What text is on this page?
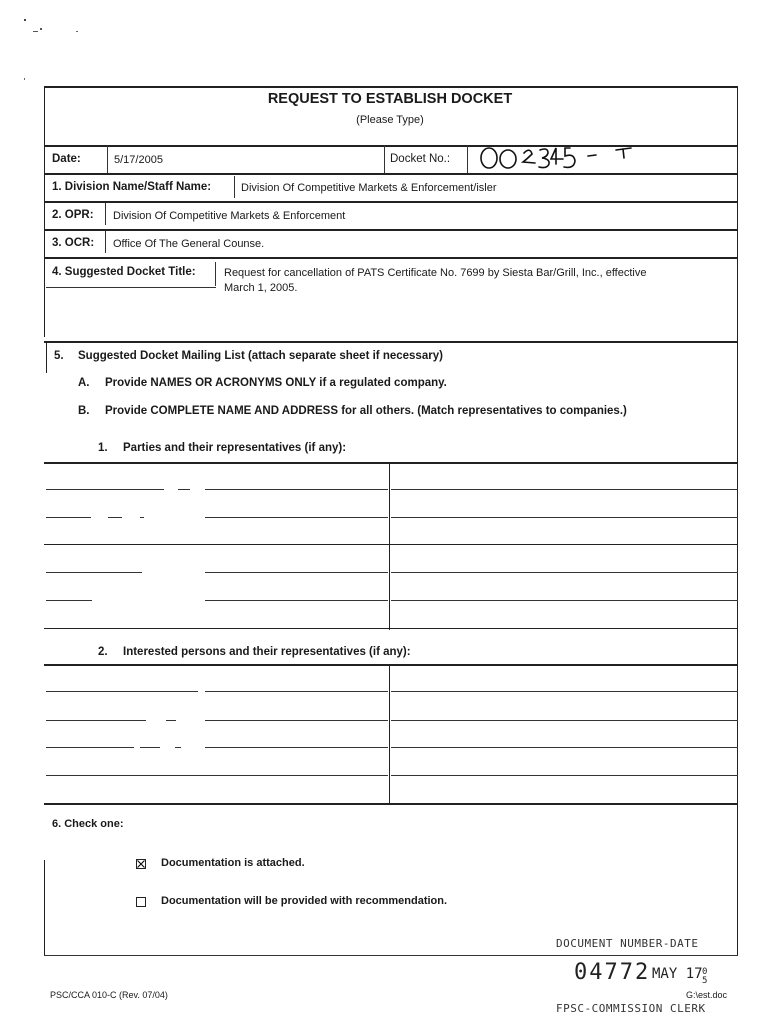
REQUEST TO ESTABLISH DOCKET
(Please Type)
Date:	5/17/2005	Docket No.:
1. Division Name/Staff Name:	Division Of Competitive Markets & Enforcement/isler
2. OPR: Division Of Competitive Markets & Enforcement
3. OCR: Office Of The General Counse.
4. Suggested Docket Title:	Request for cancellation of PATS Certificate No. 7699 by Siesta Bar/Grill, Inc., effective
March 1, 2005.
5. Suggested Docket Mailing List (attach separate sheet if necessary)
A. Provide NAMES OR ACRONYMS ONLY if a regulated company.
B. Provide COMPLETE NAME AND ADDRESS for all others. (Match representatives to companies.)
1. Parties and their representatives (if any):
2. Interested persons and their representatives (if any):
6. Check one:
Documentation is attached.
Documentation will be provided with recommendation.
DOCUMENT NUMBER-DATE
04772 MAY 17 05
FPSC-COMMISSION CLERK
PSC/CCA 010-C (Rev. 07/04)	G:\est.doc
